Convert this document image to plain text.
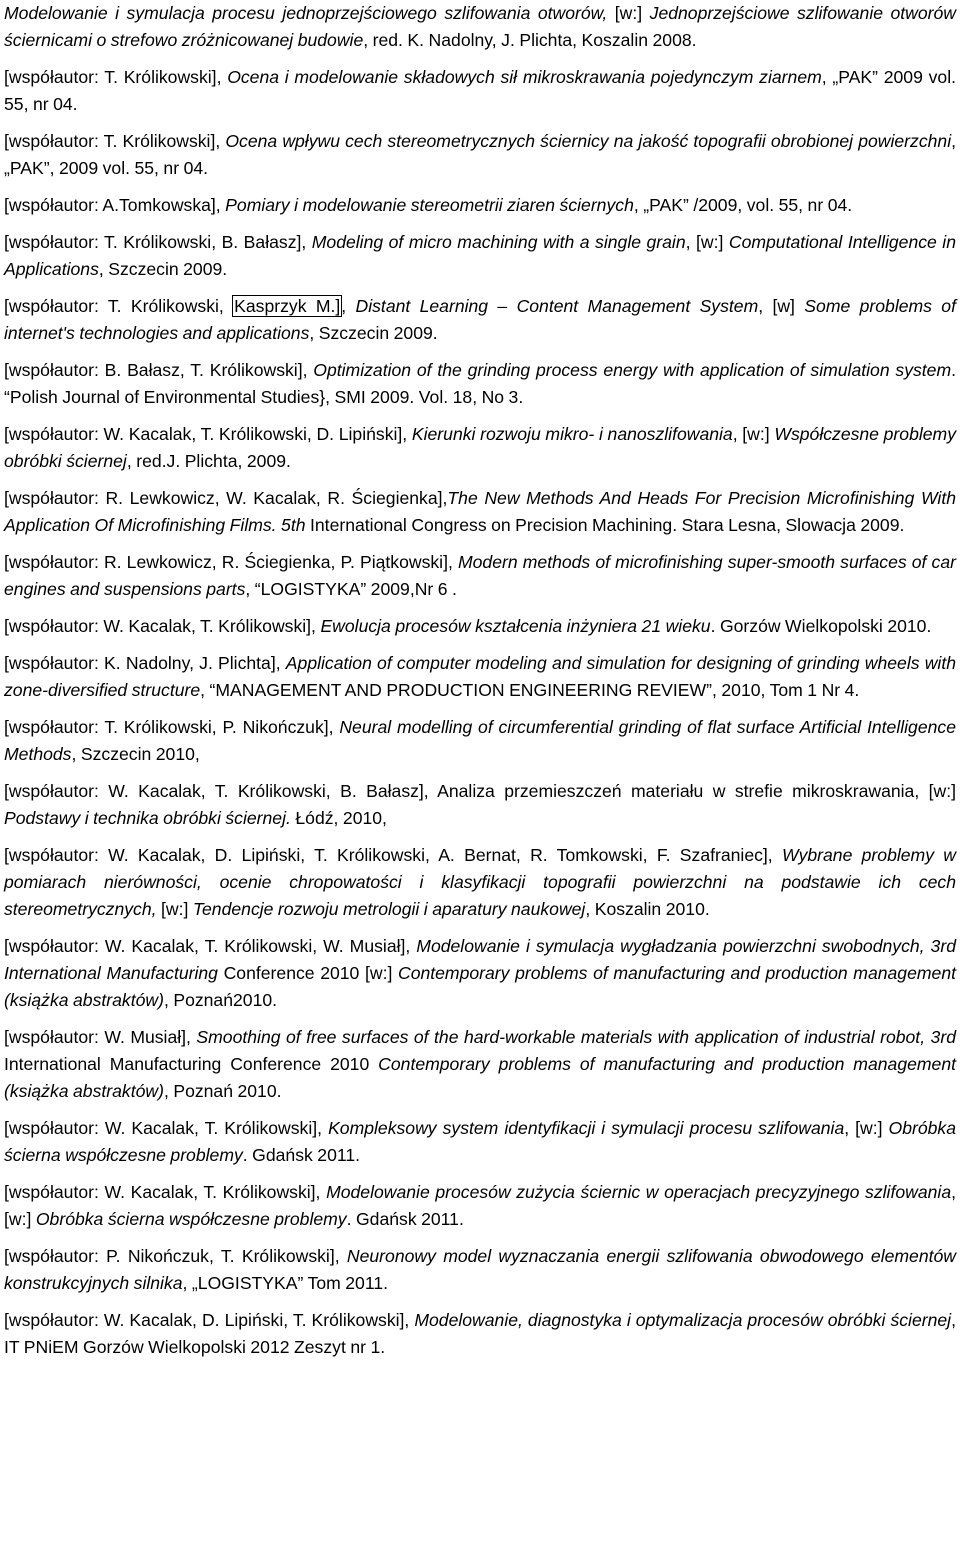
Modelowanie i symulacja procesu jednoprzejściowego szlifowania otworów, [w:] Jednoprzejściowe szlifowanie otworów ściernicami o strefowo zróżnicowanej budowie, red. K. Nadolny, J. Plichta, Koszalin 2008.

[współautor: T. Królikowski], Ocena i modelowanie składowych sił mikroskrawania pojedynczym ziarnem, „PAK” 2009 vol. 55, nr 04.

[współautor: T. Królikowski], Ocena wpływu cech stereometrycznych ściernicy na jakość topografii obrobionej powierzchni, „PAK”, 2009 vol. 55, nr 04.

[współautor: A.Tomkowska], Pomiary i modelowanie stereometrii ziaren ściernych, „PAK” /2009, vol. 55, nr 04.

[współautor: T. Królikowski, B. Bałasz], Modeling of micro machining with a single grain, [w:] Computational Intelligence in Applications, Szczecin 2009.

[współautor: T. Królikowski, Kasprzyk M.], Distant Learning – Content Management System, [w] Some problems of internet's technologies and applications, Szczecin 2009.

[współautor: B. Bałasz, T. Królikowski], Optimization of the grinding process energy with application of simulation system. “Polish Journal of Environmental Studies}, SMI 2009. Vol. 18, No 3.

[współautor: W. Kacalak, T. Królikowski, D. Lipiński], Kierunki rozwoju mikro- i nanoszlifowania, [w:] Współczesne problemy obróbki ściernej, red.J. Plichta, 2009.

[współautor: R. Lewkowicz, W. Kacalak, R. Ściegienka],The New Methods And Heads For Precision Microfinishing With Application Of Microfinishing Films. 5th International Congress on Precision Machining. Stara Lesna, Slowacja 2009.

[współautor: R. Lewkowicz, R. Ściegienka, P. Piątkowski], Modern methods of microfinishing super-smooth surfaces of car engines and suspensions parts, “LOGISTYKA” 2009,Nr 6 .

[współautor: W. Kacalak, T. Królikowski], Ewolucja procesów kształcenia inżyniera 21 wieku. Gorzów Wielkopolski 2010.

[współautor: K. Nadolny, J. Plichta], Application of computer modeling and simulation for designing of grinding wheels with zone-diversified structure, “MANAGEMENT AND PRODUCTION ENGINEERING REVIEW”, 2010, Tom 1 Nr 4.

[współautor: T. Królikowski, P. Nikończuk], Neural modelling of circumferential grinding of flat surface Artificial Intelligence Methods, Szczecin 2010,

[współautor: W. Kacalak, T. Królikowski, B. Bałasz], Analiza przemieszczeń materiału w strefie mikroskrawania, [w:] Podstawy i technika obróbki ściernej. Łódź, 2010,

[współautor: W. Kacalak, D. Lipiński, T. Królikowski, A. Bernat, R. Tomkowski, F. Szafraniec], Wybrane problemy w pomiarach nierówności, ocenie chropowatości i klasyfikacji topografii powierzchni na podstawie ich cech stereometrycznych, [w:] Tendencje rozwoju metrologii i aparatury naukowej, Koszalin 2010.

[współautor: W. Kacalak, T. Królikowski, W. Musiał], Modelowanie i symulacja wygładzania powierzchni swobodnych, 3rd International Manufacturing Conference 2010 [w:] Contemporary problems of manufacturing and production management (książka abstraktów), Poznań2010.

[współautor: W. Musiał], Smoothing of free surfaces of the hard-workable materials with application of industrial robot, 3rd International Manufacturing Conference 2010 Contemporary problems of manufacturing and production management (książka abstraktów), Poznań 2010.

[współautor: W. Kacalak, T. Królikowski], Kompleksowy system identyfikacji i symulacji procesu szlifowania, [w:] Obróbka ścierna współczesne problemy. Gdańsk 2011.

[współautor: W. Kacalak, T. Królikowski], Modelowanie procesów zużycia ściernic w operacjach precyzyjnego szlifowania, [w:] Obróbka ścierna współczesne problemy. Gdańsk 2011.

[współautor: P. Nikończuk, T. Królikowski], Neuronowy model wyznaczania energii szlifowania obwodowego elementów konstrukcyjnych silnika, „LOGISTYKA” Tom 2011.

[współautor: W. Kacalak, D. Lipiński, T. Królikowski], Modelowanie, diagnostyka i optymalizacja procesów obróbki ściernej, IT PNiEM Gorzów Wielkopolski 2012 Zeszyt nr 1.
